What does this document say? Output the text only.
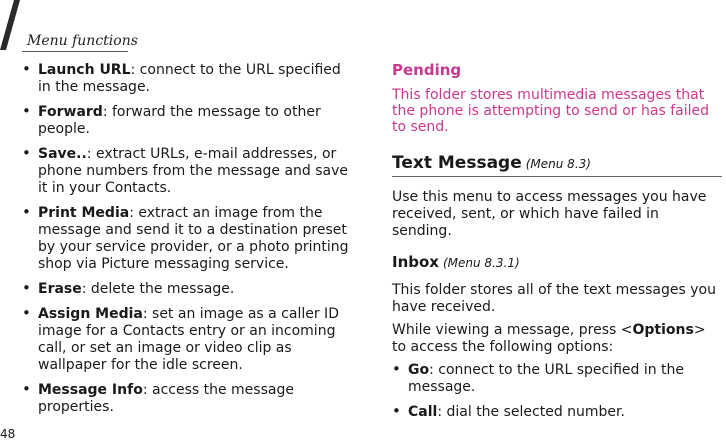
Menu functions
• Launch URL: connect to the URL specified in the message.
• Forward: forward the message to other people.
• Save..: extract URLs, e-mail addresses, or phone numbers from the message and save it in your Contacts.
• Print Media: extract an image from the message and send it to a destination preset by your service provider, or a photo printing shop via Picture messaging service.
• Erase: delete the message.
• Assign Media: set an image as a caller ID image for a Contacts entry or an incoming call, or set an image or video clip as wallpaper for the idle screen.
• Message Info: access the message properties.
Pending
This folder stores multimedia messages that the phone is attempting to send or has failed to send.
Text Message (Menu 8.3)
Use this menu to access messages you have received, sent, or which have failed in sending.
Inbox (Menu 8.3.1)
This folder stores all of the text messages you have received.
While viewing a message, press <Options> to access the following options:
• Go: connect to the URL specified in the message.
• Call: dial the selected number.
48
